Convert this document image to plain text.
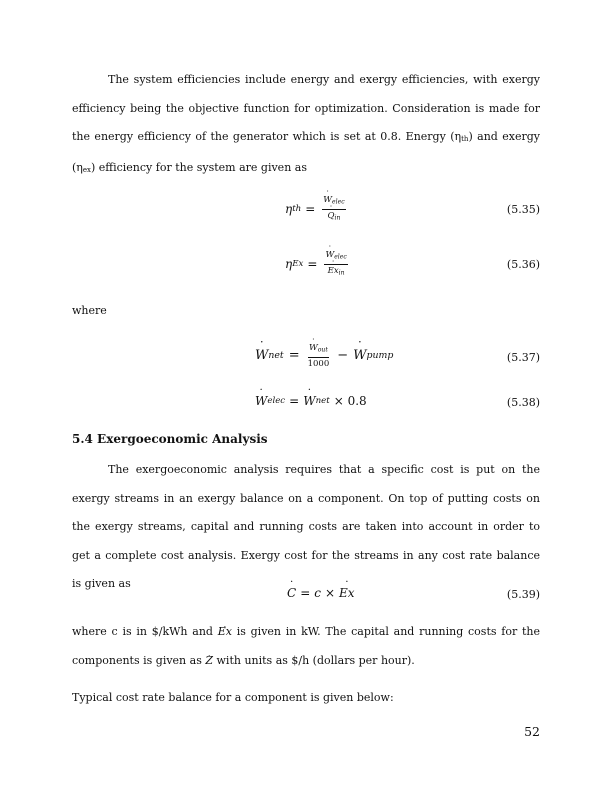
The system efficiencies include energy and exergy efficiencies, with exergy efficiency being the objective function for optimization. Consideration is made for the energy efficiency of the generator which is set at 0.8. Energy (ηth) and exergy (ηex) efficiency for the system are given as
η th = ˙ $W_{elec}$
˙ $Q_{in}$	(5.35)
η Ex = ˙ $W_{elec}$
˙ $Ex_{in}$	(5.36)
where
˙ W net = ˙ $\frac{W_{out}}{1000}$ − ˙ W pump	(5.37)
˙ W elec = ˙ W net × 0.8	(5.38)
5.4 Exergoeconomic Analysis
The exergoeconomic analysis requires that a specific cost is put on the exergy streams in an exergy balance on a component. On top of putting costs on the exergy streams, capital and running costs are taken into account in order to get a complete cost analysis. Exergy cost for the streams in any cost rate balance is given as
˙ C = c × ˙ Ex	(5.39)
where c is in $/kWh and ˙ Ex is given in kW. The capital and running costs for the components is given as ˙ Z with units as $/h (dollars per hour).
Typical cost rate balance for a component is given below:
52
